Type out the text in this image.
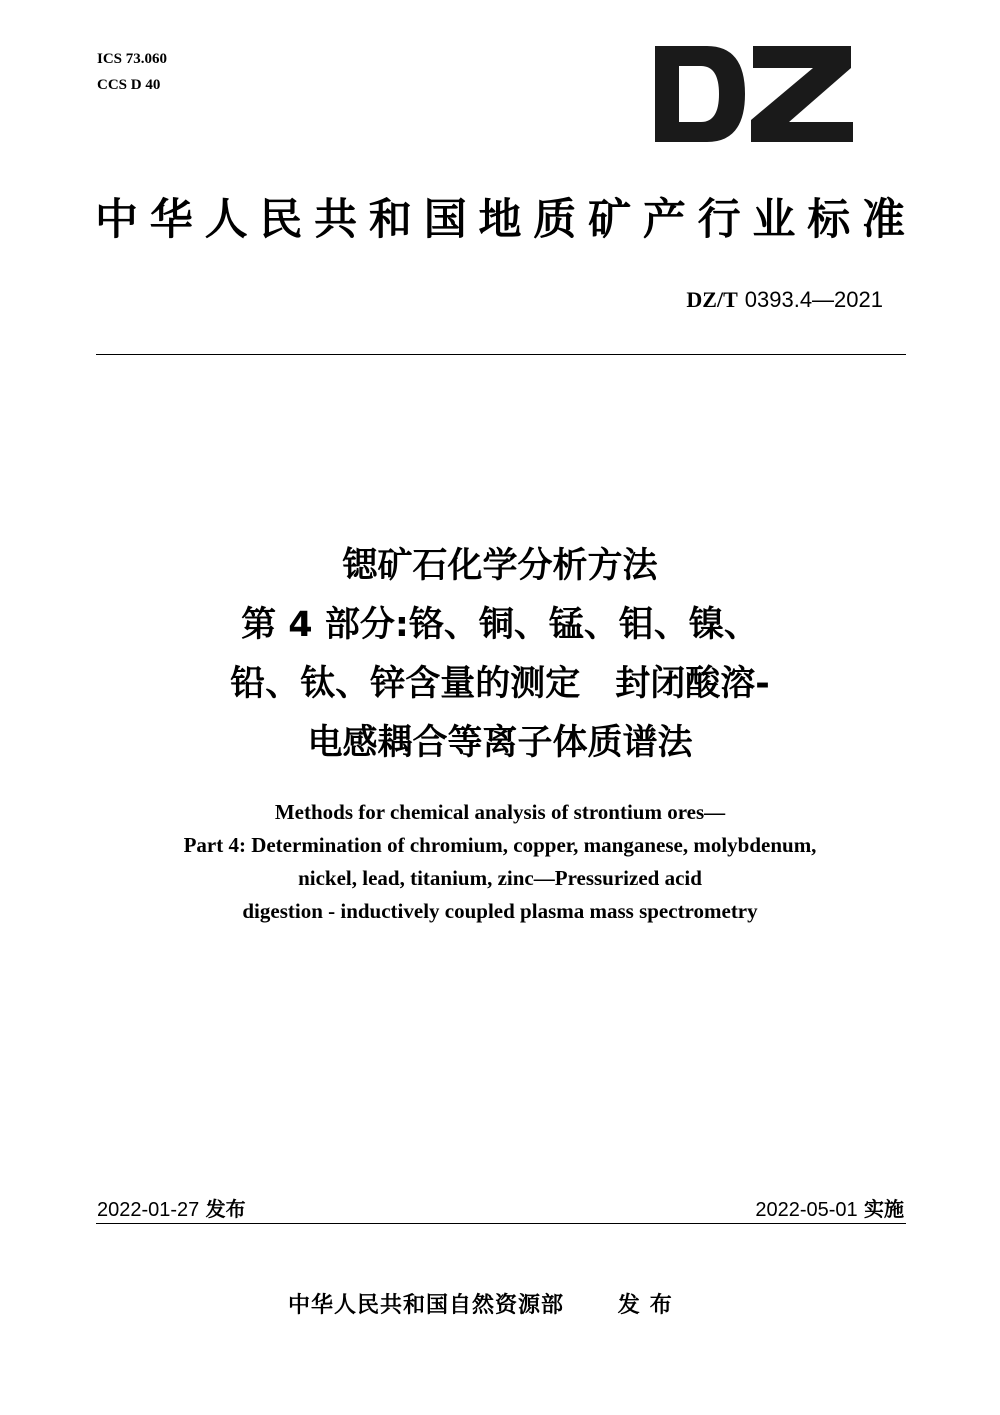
ICS 73.060
CCS D 40
中华人民共和国地质矿产行业标准
DZ/T 0393.4—2021
锶矿石化学分析方法
第 4 部分:铬、铜、锰、钼、镍、
铅、钛、锌含量的测定　封闭酸溶-
电感耦合等离子体质谱法
Methods for chemical analysis of strontium ores—
Part 4: Determination of chromium, copper, manganese, molybdenum,
nickel, lead, titanium, zinc—Pressurized acid
digestion - inductively coupled plasma mass spectrometry
2022-01-27 发布	2022-05-01 实施
中华人民共和国自然资源部 发布
